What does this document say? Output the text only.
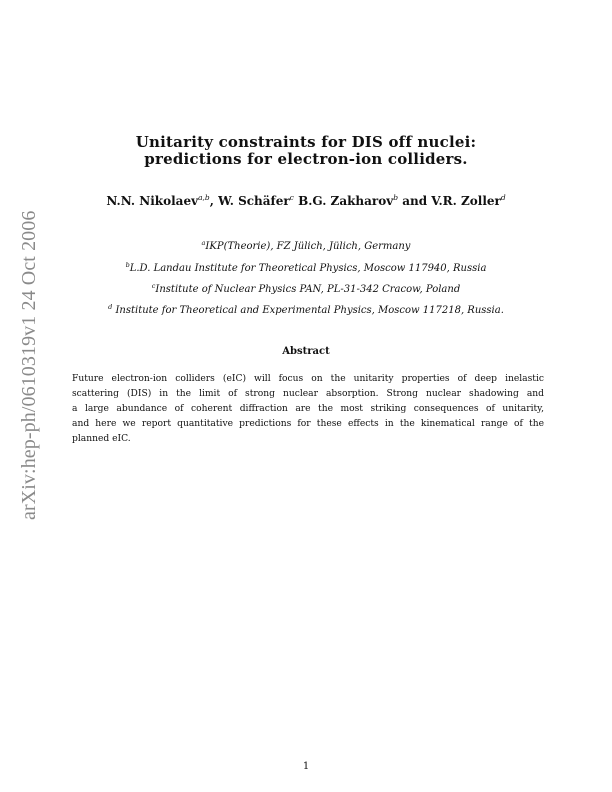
arXiv:hep-ph/0610319v1 24 Oct 2006
Unitarity constraints for DIS off nuclei:
predictions for electron-ion colliders.
N.N. Nikolaev$^{a,b}$, W. Schäfer$^c$ B.G. Zakharov$^b$ and V.R. Zoller$^d$
$^a$IKP(Theorie), FZ Jülich, Jülich, Germany
$^b$L.D. Landau Institute for Theoretical Physics, Moscow 117940, Russia
$^c$Institute of Nuclear Physics PAN, PL-31-342 Cracow, Poland
$^d$ Institute for Theoretical and Experimental Physics, Moscow 117218, Russia.
Abstract
Future electron-ion colliders (eIC) will focus on the unitarity properties of deep inelastic
scattering (DIS) in the limit of strong nuclear absorption. Strong nuclear shadowing and
a large abundance of coherent diffraction are the most striking consequences of unitarity,
and here we report quantitative predictions for these effects in the kinematical range of the
planned eIC.
1
